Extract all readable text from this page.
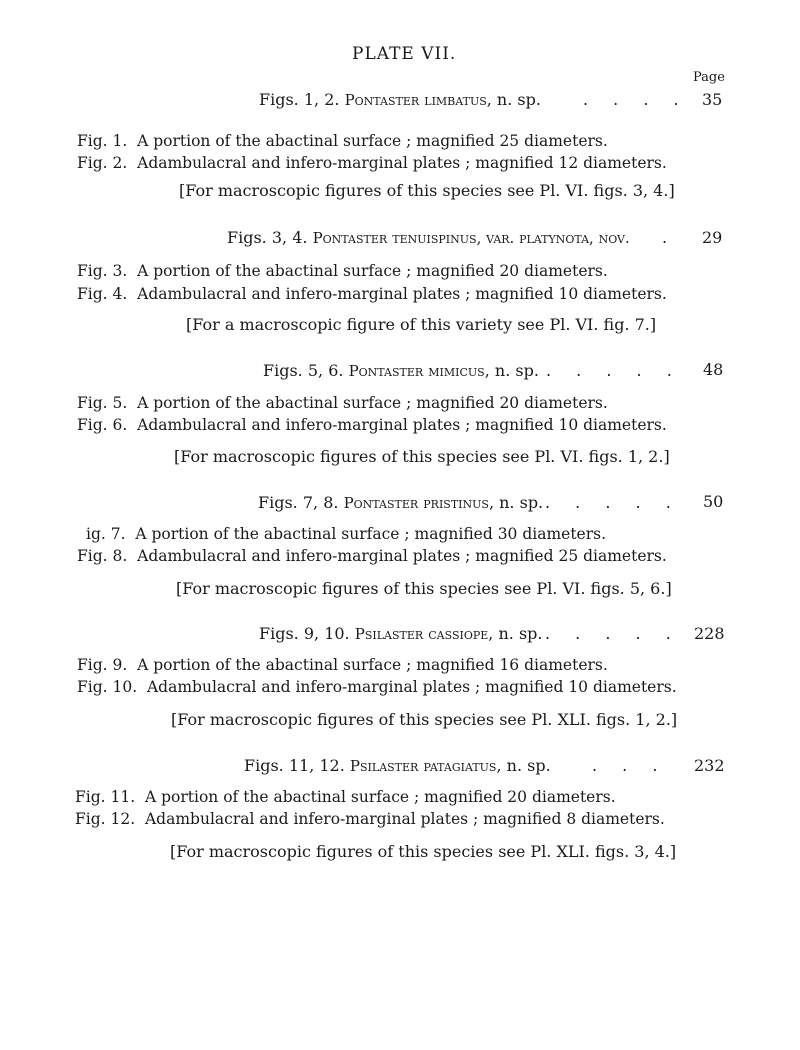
PLATE VII.
Page
Figs. 1, 2. Pontaster limbatus, n. sp.	. . . . 35
Fig. 1.  A portion of the abactinal surface ; magnified 25 diameters.
Fig. 2.  Adambulacral and infero-marginal plates ; magnified 12 diameters.
[For macroscopic figures of this species see Pl. VI. figs. 3, 4.]
Figs. 3, 4. Pontaster tenuispinus, var. platynota, nov. . 29
Fig. 3.  A portion of the abactinal surface ; magnified 20 diameters.
Fig. 4.  Adambulacral and infero-marginal plates ; magnified 10 diameters.
[For a macroscopic figure of this variety see Pl. VI. fig. 7.]
Figs. 5, 6. Pontaster mimicus, n. sp. . . . . . 48
Fig. 5.  A portion of the abactinal surface ; magnified 20 diameters.
Fig. 6.  Adambulacral and infero-marginal plates ; magnified 10 diameters.
[For macroscopic figures of this species see Pl. VI. figs. 1, 2.]
Figs. 7, 8. Pontaster pristinus, n. sp. . . . . . 50
ig. 7.  A portion of the abactinal surface ; magnified 30 diameters.
Fig. 8.  Adambulacral and infero-marginal plates ; magnified 25 diameters.
[For macroscopic figures of this species see Pl. VI. figs. 5, 6.]
Figs. 9, 10. Psilaster cassiope, n. sp. . . . . . 228
Fig. 9.  A portion of the abactinal surface ; magnified 16 diameters.
Fig. 10.  Adambulacral and infero-marginal plates ; magnified 10 diameters.
[For macroscopic figures of this species see Pl. XLI. figs. 1, 2.]
Figs. 11, 12. Psilaster patagiatus, n. sp.	. . . 232
Fig. 11.  A portion of the abactinal surface ; magnified 20 diameters.
Fig. 12.  Adambulacral and infero-marginal plates ; magnified 8 diameters.
[For macroscopic figures of this species see Pl. XLI. figs. 3, 4.]
